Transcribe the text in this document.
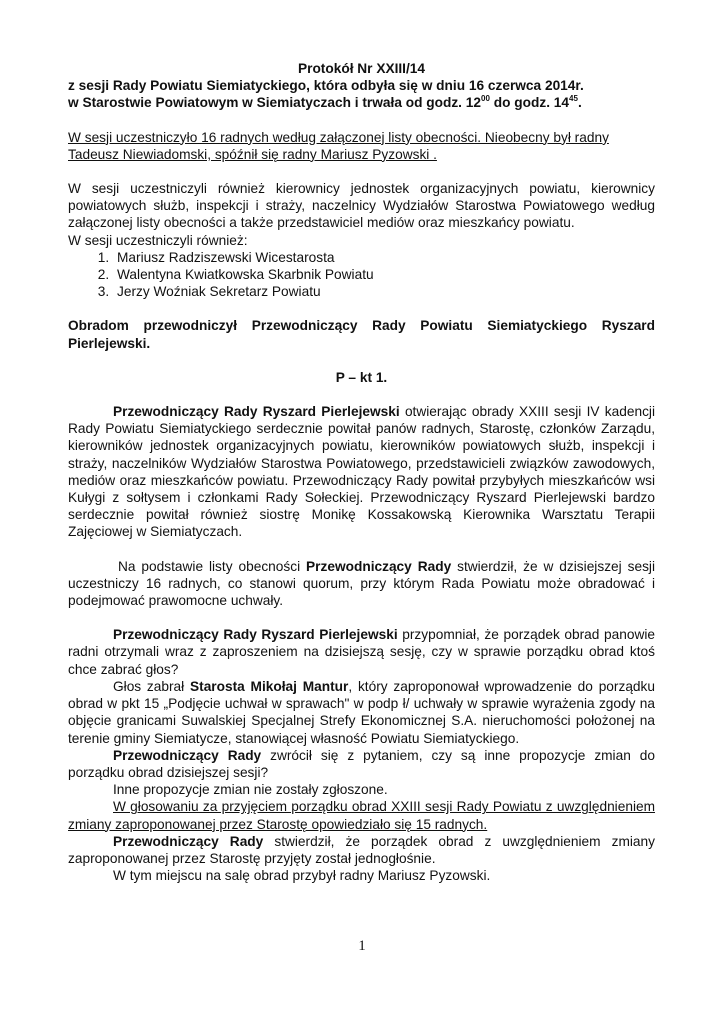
Protokół Nr XXIII/14

z sesji Rady Powiatu Siemiatyckiego, która odbyła się w dniu 16 czerwca 2014r.

w Starostwie Powiatowym w Siemiatyczach i trwała od godz. $12^{00}$ do godz. $14^{45}$.

W sesji uczestniczyło 16 radnych według załączonej listy obecności. Nieobecny był radny Tadeusz Niewiadomski, spóźnił się radny Mariusz Pyzowski .

W sesji uczestniczyli również kierownicy jednostek organizacyjnych powiatu, kierownicy powiatowych służb, inspekcji i straży, naczelnicy Wydziałów Starostwa Powiatowego według załączonej listy obecności a także przedstawiciel mediów oraz mieszkańcy powiatu.

W sesji uczestniczyli również:

1. Mariusz Radziszewski Wicestarosta
2. Walentyna Kwiatkowska Skarbnik Powiatu
3. Jerzy Woźniak Sekretarz Powiatu

Obradom przewodniczył Przewodniczący Rady Powiatu Siemiatyckiego Ryszard Pierlejewski.

P – kt 1.

Przewodniczący Rady Ryszard Pierlejewski otwierając obrady XXIII sesji IV kadencji Rady Powiatu Siemiatyckiego serdecznie powitał panów radnych, Starostę, członków Zarządu, kierowników jednostek organizacyjnych powiatu, kierowników powiatowych służb, inspekcji i straży, naczelników Wydziałów Starostwa Powiatowego, przedstawicieli związków zawodowych, mediów oraz mieszkańców powiatu. Przewodniczący Rady powitał przybyłych mieszkańców wsi Kułygi z sołtysem i członkami Rady Sołeckiej. Przewodniczący Ryszard Pierlejewski bardzo serdecznie powitał również siostrę Monikę Kossakowską Kierownika Warsztatu Terapii Zajęciowej w Siemiatyczach.

Na podstawie listy obecności Przewodniczący Rady stwierdził, że w dzisiejszej sesji uczestniczy 16 radnych, co stanowi quorum, przy którym Rada Powiatu może obradować i podejmować prawomocne uchwały.

Przewodniczący Rady Ryszard Pierlejewski przypomniał, że porządek obrad panowie radni otrzymali wraz z zaproszeniem na dzisiejszą sesję, czy w sprawie porządku obrad ktoś chce zabrać głos?

Głos zabrał Starosta Mikołaj Mantur, który zaproponował wprowadzenie do porządku obrad w pkt 15 „Podjęcie uchwał w sprawach" w podp ł/ uchwały w sprawie wyrażenia zgody na objęcie granicami Suwalskiej Specjalnej Strefy Ekonomicznej S.A. nieruchomości położonej na terenie gminy Siemiatycze, stanowiącej własność Powiatu Siemiatyckiego.

Przewodniczący Rady zwrócił się z pytaniem, czy są inne propozycje zmian do porządku obrad dzisiejszej sesji?

Inne propozycje zmian nie zostały zgłoszone.

W głosowaniu za przyjęciem porządku obrad XXIII sesji Rady Powiatu z uwzględnieniem zmiany zaproponowanej przez Starostę opowiedziało się 15 radnych.

Przewodniczący Rady stwierdził, że porządek obrad z uwzględnieniem zmiany zaproponowanej przez Starostę przyjęty został jednogłośnie.

W tym miejscu na salę obrad przybył radny Mariusz Pyzowski.

1
